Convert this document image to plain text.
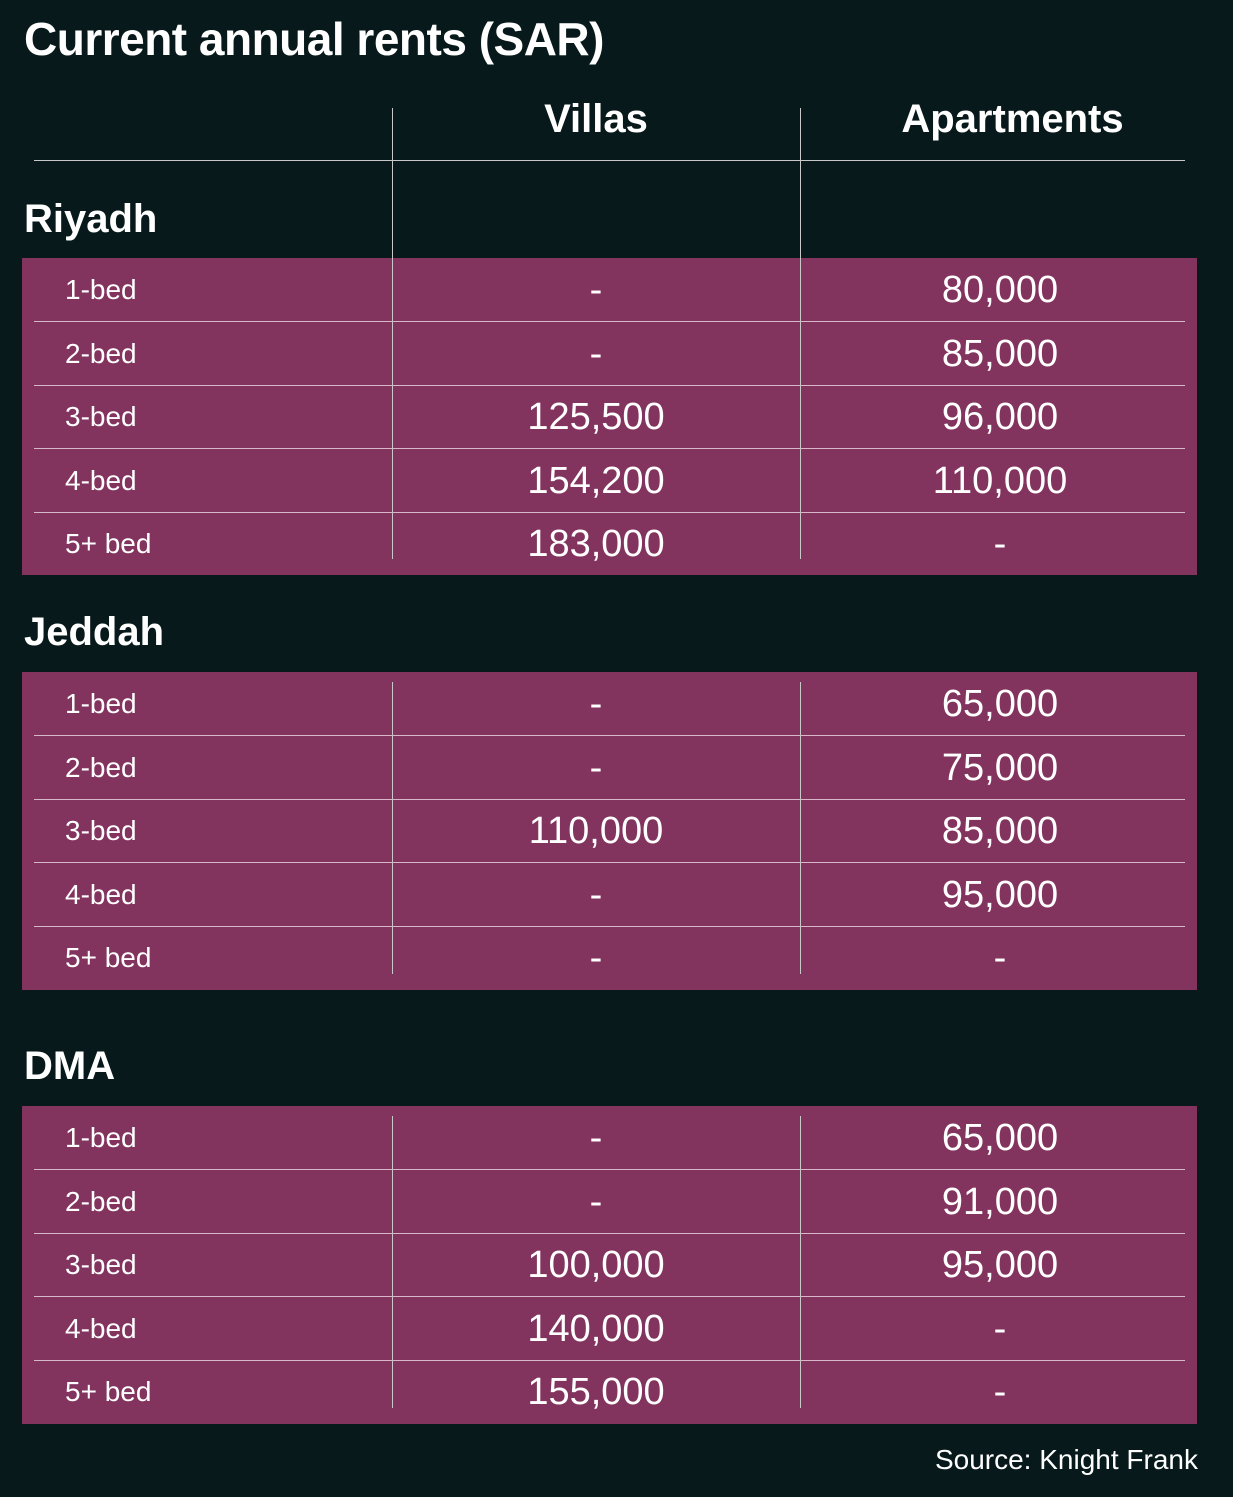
Current annual rents (SAR)
Villas	Apartments
Riyadh
1-bed	-	80,000
2-bed	-	85,000
3-bed	125,500	96,000
4-bed	154,200	110,000
5+ bed	183,000	-
Jeddah
1-bed	-	65,000
2-bed	-	75,000
3-bed	110,000	85,000
4-bed	-	95,000
5+ bed	-	-
DMA
1-bed	-	65,000
2-bed	-	91,000
3-bed	100,000	95,000
4-bed	140,000	-
5+ bed	155,000	-
Source: Knight Frank
